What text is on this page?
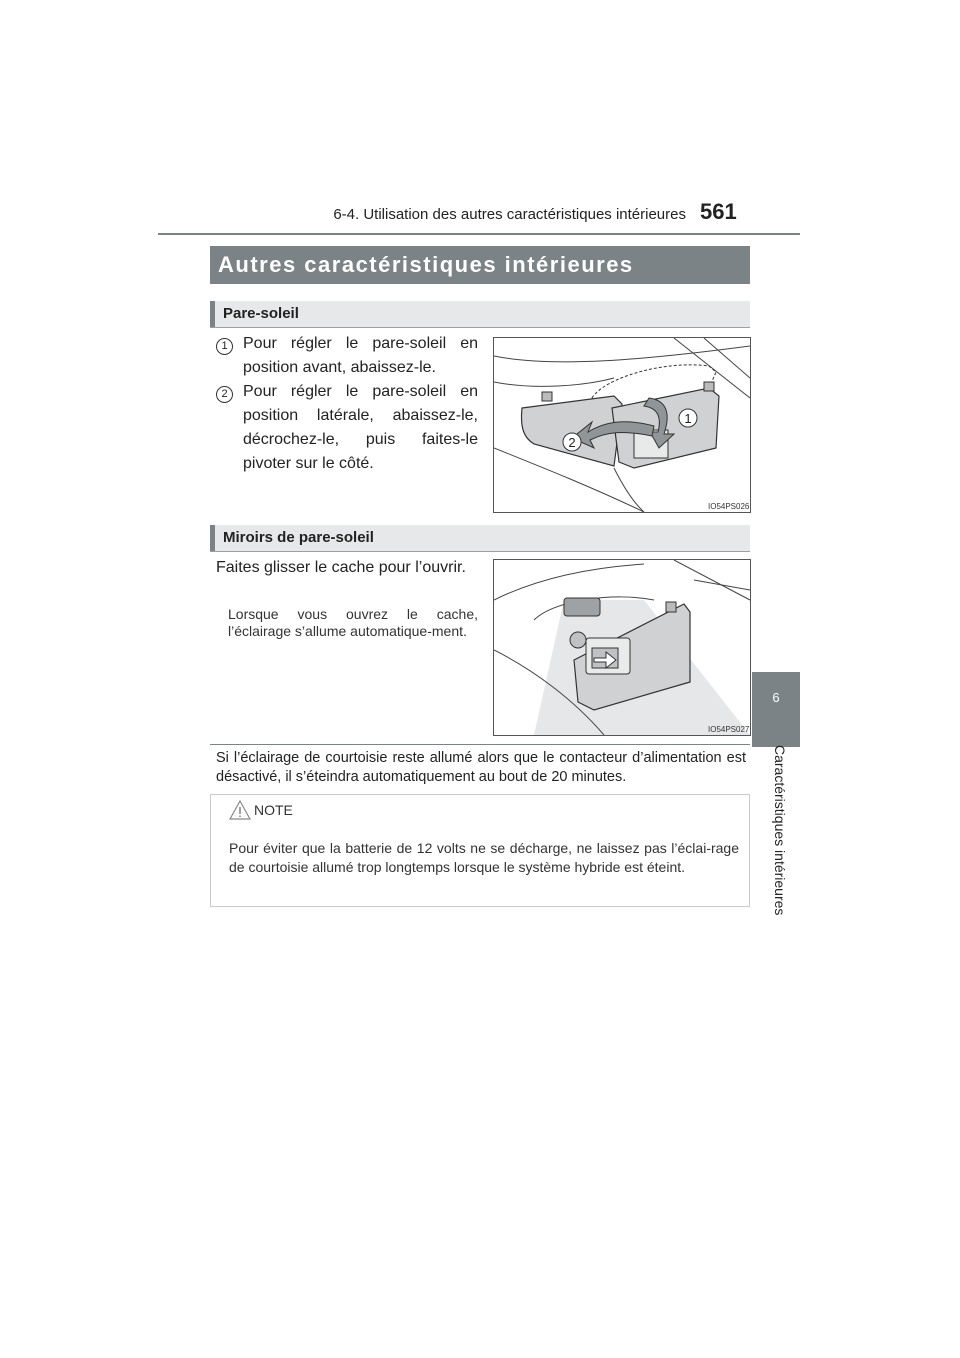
6-4. Utilisation des autres caractéristiques intérieures 561
6
Caractéristiques intérieures
Autres caractéristiques intérieures
Pare-soleil
1 Pour régler le pare-soleil en position avant, abaissez-le.
2 Pour régler le pare-soleil en position latérale, abaissez-le, décrochez-le, puis faites-le pivoter sur le côté.
1
2
IO54PS026
Miroirs de pare-soleil
Faites glisser le cache pour l’ouvrir.
Lorsque vous ouvrez le cache, l’éclairage s’allume automatique-ment.
IO54PS027
Si l’éclairage de courtoisie reste allumé alors que le contacteur d’alimentation est désactivé, il s’éteindra automatiquement au bout de 20 minutes.
NOTE
Pour éviter que la batterie de 12 volts ne se décharge, ne laissez pas l’éclai-rage de courtoisie allumé trop longtemps lorsque le système hybride est éteint.
